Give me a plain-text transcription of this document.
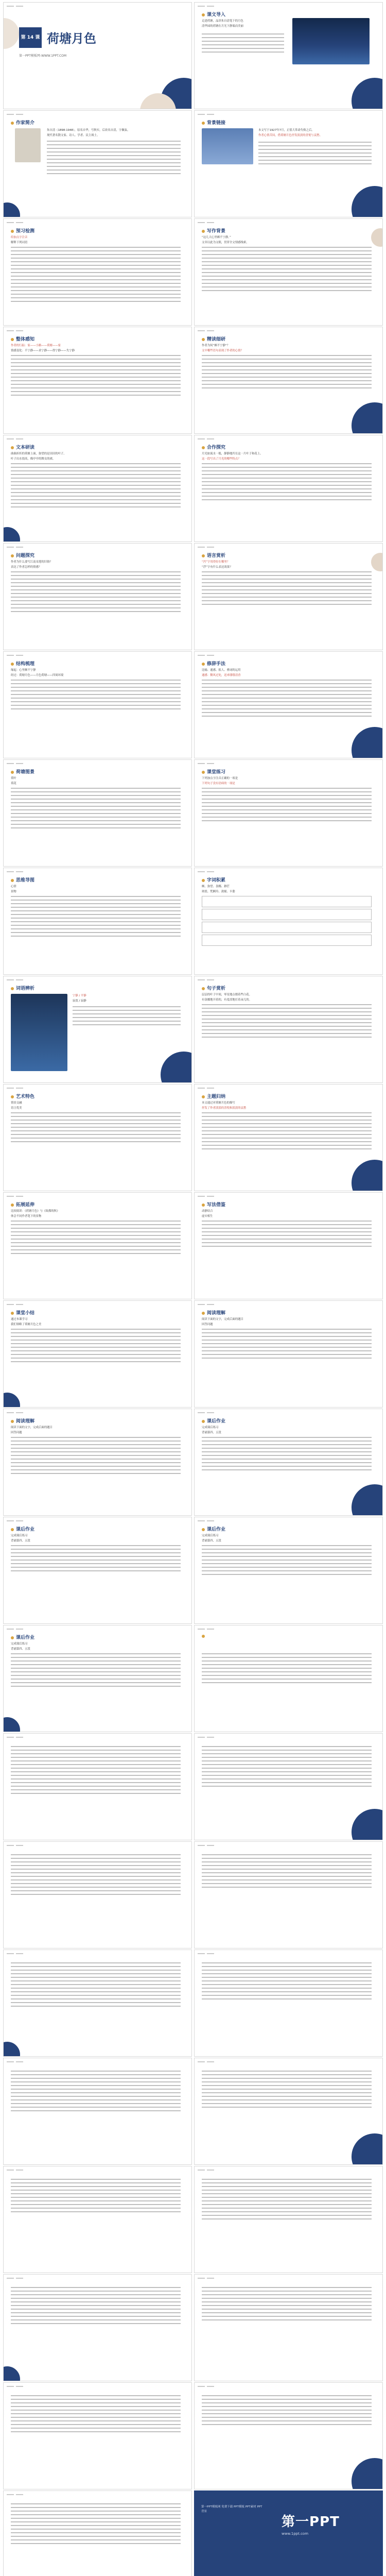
第 14 课 荷塘月色
第一PPT模板网-WWW.1PPT.COM
课文导入

走进荷塘，品读朱自清笔下的月色

清华园的荷塘在月光下静谧而美丽

作家简介

朱自清（1898-1948），原名自华，号秋实，后改名自清，字佩弦。

现代著名散文家、诗人、学者、民主战士。

背景链接

本文写于1927年7月，正值大革命失败之后。

作者心情苦闷，借荷塘月色抒发淡淡的喜悦与哀愁。

预习检测

给加点字注音

解释下列词语

写作背景

“这几天心里颇不宁静。”

文章以此为文眼，贯穿全文情感线索。

整体感知

作者的行踪：家——小路——荷塘——家

情感变化：不宁静——求宁静——得宁静——失宁静

精读细研

作者为何“颇不宁静”？

文中哪些语句表现了作者的心情？

文本研读

曲曲折折的荷塘上面，弥望的是田田的叶子。

叶子出水很高，像亭亭的舞女的裙。

合作探究

月光如流水一般，静静地泻在这一片叶子和花上。

这一段写出了月光的哪些特点？

问题探究

作者为什么要写江南采莲的旧俗？

表达了作者怎样的情感？

语言赏析

“泻”字用得好在哪里？

“浮”字有什么表达效果？

结构梳理

缘起：心里颇不宁静

经过：荷塘月色——月色荷塘——四周环境

修辞手法

比喻、通感、拟人、叠词的运用

通感：微风过处，送来缕缕清香

荷塘图景

荷叶

荷花

课堂练习

下列加点字注音正确的一项是

下列句子没有语病的一项是

思维导图

心情

景物

字词积累

颇、弥望、袅娜、渺茫

斑驳、梵婀玲、敛裾、丰姿

词语辨析

宁静 / 平静

寂寞 / 寂静

句子赏析

层层的叶子中间，零星地点缀着些白花。

有袅娜地开着的，有羞涩地打着朵儿的。

艺术特色

情景交融

语言优美

主题归纳

本文通过对荷塘月色的描写

抒发了作者淡淡的喜悦和淡淡的哀愁

拓展延伸

比较阅读：《荷塘月色》与《故都的秋》

体会不同作者笔下的景物

写法借鉴

动静结合

虚实相生

课堂小结

通过本课学习

我们领略了荷塘月色之美

阅读理解

阅读下面的文字，完成后面的题目

回答问题

阅读理解

阅读下面的文字，完成后面的题目

回答问题

课后作业

完成课后练习

背诵第四、五段

课后作业

完成课后练习

背诵第四、五段

课后作业

完成课后练习

背诵第四、五段

课后作业

完成课后练习

背诵第四、五段

第一PPT模板网 免费下载 PPT模板 PPT素材 PPT背景
第一PPT
www.1ppt.com
